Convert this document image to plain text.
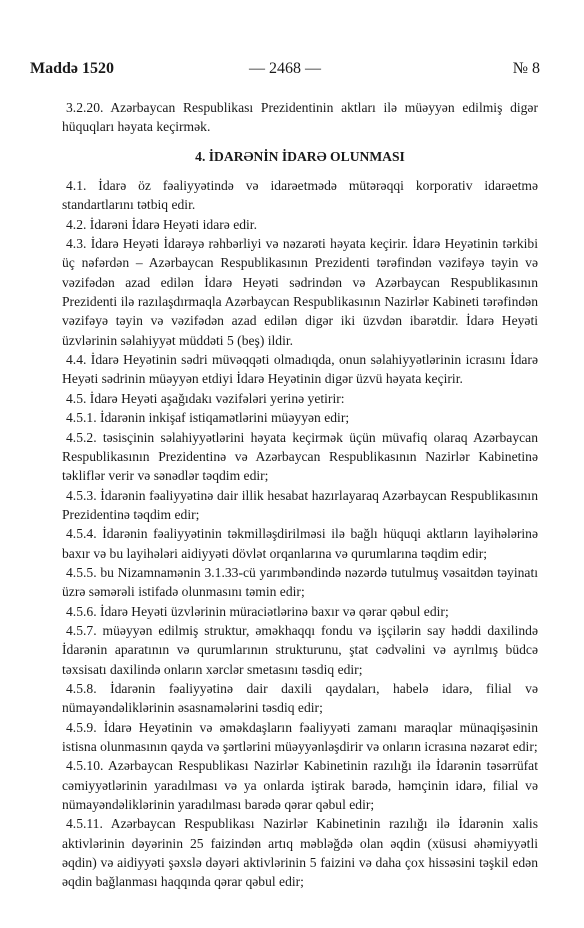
Maddə 1520	— 2468 —	№ 8

3.2.20. Azərbaycan Respublikası Prezidentinin aktları ilə müəyyən edilmiş digər hüquqları həyata keçirmək.

4. İDARƏNİN İDARƏ OLUNMASI

4.1. İdarə öz fəaliyyətində və idarəetmədə mütərəqqi korporativ idarəetmə standartlarını tətbiq edir.

4.2. İdarəni İdarə Heyəti idarə edir.

4.3. İdarə Heyəti İdarəyə rəhbərliyi və nəzarəti həyata keçirir. İdarə Heyətinin tərkibi üç nəfərdən – Azərbaycan Respublikasının Prezidenti tərəfindən vəzifəyə təyin və vəzifədən azad edilən İdarə Heyəti sədrindən və Azərbaycan Respublikasının Prezidenti ilə razılaşdırmaqla Azərbaycan Respublikasının Nazirlər Kabineti tərəfindən vəzifəyə təyin və vəzifədən azad edilən digər iki üzvdən ibarətdir. İdarə Heyəti üzvlərinin səlahiyyət müddəti 5 (beş) ildir.

4.4. İdarə Heyətinin sədri müvəqqəti olmadıqda, onun səlahiyyətlərinin icrasını İdarə Heyəti sədrinin müəyyən etdiyi İdarə Heyətinin digər üzvü həyata keçirir.

4.5. İdarə Heyəti aşağıdakı vəzifələri yerinə yetirir:

4.5.1. İdarənin inkişaf istiqamətlərini müəyyən edir;

4.5.2. təsisçinin səlahiyyətlərini həyata keçirmək üçün müvafiq olaraq Azərbaycan Respublikasının Prezidentinə və Azərbaycan Respublikasının Nazirlər Kabinetinə təkliflər verir və sənədlər təqdim edir;

4.5.3. İdarənin fəaliyyətinə dair illik hesabat hazırlayaraq Azərbaycan Respublikasının Prezidentinə təqdim edir;

4.5.4. İdarənin fəaliyyətinin təkmilləşdirilməsi ilə bağlı hüquqi aktların layihələrinə baxır və bu layihələri aidiyyəti dövlət orqanlarına və qurumlarına təqdim edir;

4.5.5. bu Nizamnamənin 3.1.33-cü yarımbəndində nəzərdə tutulmuş vəsaitdən təyinatı üzrə səmərəli istifadə olunmasını təmin edir;

4.5.6. İdarə Heyəti üzvlərinin müraciətlərinə baxır və qərar qəbul edir;

4.5.7. müəyyən edilmiş struktur, əməkhaqqı fondu və işçilərin say həddi daxilində İdarənin aparatının və qurumlarının strukturunu, ştat cədvəlini və ayrılmış büdcə təxsisatı daxilində onların xərclər smetasını təsdiq edir;

4.5.8. İdarənin fəaliyyətinə dair daxili qaydaları, habelə idarə, filial və nümayəndəliklərinin əsasnamələrini təsdiq edir;

4.5.9. İdarə Heyətinin və əməkdaşların fəaliyyəti zamanı maraqlar münaqişəsinin istisna olunmasının qayda və şərtlərini müəyyənləşdirir və onların icrasına nəzarət edir;

4.5.10. Azərbaycan Respublikası Nazirlər Kabinetinin razılığı ilə İdarənin təsərrüfat cəmiyyətlərinin yaradılması və ya onlarda iştirak barədə, həmçinin idarə, filial və nümayəndəliklərinin yaradılması barədə qərar qəbul edir;

4.5.11. Azərbaycan Respublikası Nazirlər Kabinetinin razılığı ilə İdarənin xalis aktivlərinin dəyərinin 25 faizindən artıq məbləğdə olan əqdin (xüsusi əhəmiyyətli əqdin) və aidiyyəti şəxslə dəyəri aktivlərinin 5 faizini və daha çox hissəsini təşkil edən əqdin bağlanması haqqında qərar qəbul edir;
